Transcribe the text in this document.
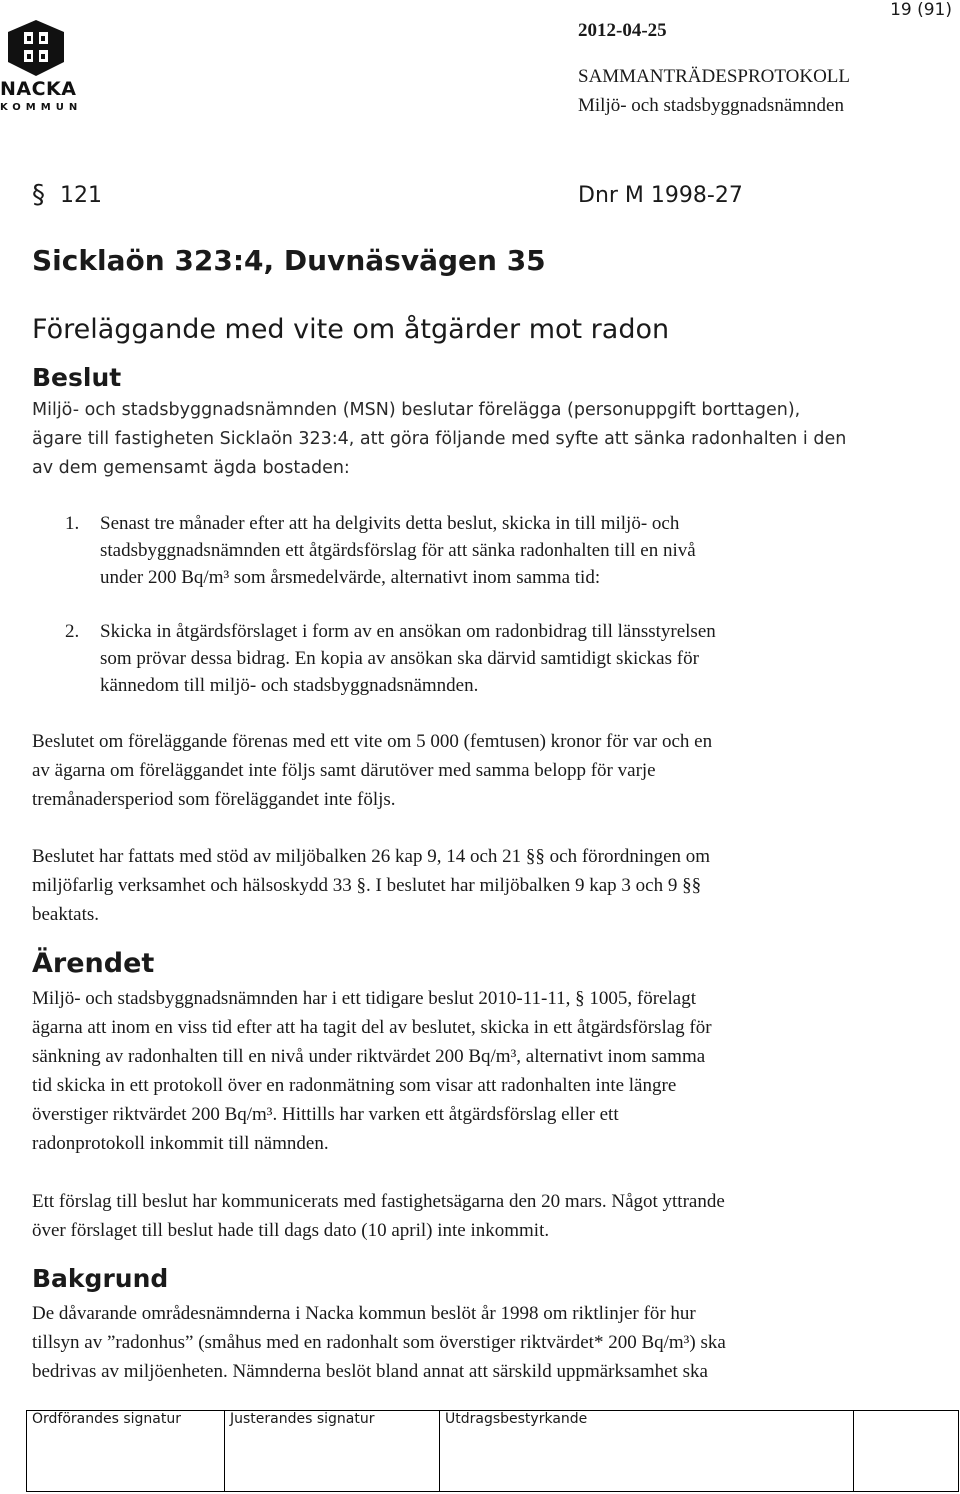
NACKA
KOMMUN
19 (91)
2012-04-25
SAMMANTRÄDESPROTOKOLL
Miljö- och stadsbyggnadsnämnden
§ 121	Dnr M 1998-27
Sicklaön 323:4, Duvnäsvägen 35
Föreläggande med vite om åtgärder mot radon
Beslut
Miljö- och stadsbyggnadsnämnden (MSN) beslutar förelägga (personuppgift borttagen),
ägare till fastigheten Sicklaön 323:4, att göra följande med syfte att sänka radonhalten i den
av dem gemensamt ägda bostaden:
1. Senast tre månader efter att ha delgivits detta beslut, skicka in till miljö- och
stadsbyggnadsnämnden ett åtgärdsförslag för att sänka radonhalten till en nivå
under 200 Bq/m³ som årsmedelvärde, alternativt inom samma tid:
2. Skicka in åtgärdsförslaget i form av en ansökan om radonbidrag till länsstyrelsen
som prövar dessa bidrag. En kopia av ansökan ska därvid samtidigt skickas för
kännedom till miljö- och stadsbyggnadsnämnden.
Beslutet om föreläggande förenas med ett vite om 5 000 (femtusen) kronor för var och en
av ägarna om föreläggandet inte följs samt därutöver med samma belopp för varje
tremånadersperiod som föreläggandet inte följs.
Beslutet har fattats med stöd av miljöbalken 26 kap 9, 14 och 21 §§ och förordningen om
miljöfarlig verksamhet och hälsoskydd 33 §. I beslutet har miljöbalken 9 kap 3 och 9 §§
beaktats.
Ärendet
Miljö- och stadsbyggnadsnämnden har i ett tidigare beslut 2010-11-11, § 1005, förelagt
ägarna att inom en viss tid efter att ha tagit del av beslutet, skicka in ett åtgärdsförslag för
sänkning av radonhalten till en nivå under riktvärdet 200 Bq/m³, alternativt inom samma
tid skicka in ett protokoll över en radonmätning som visar att radonhalten inte längre
överstiger riktvärdet 200 Bq/m³. Hittills har varken ett åtgärdsförslag eller ett
radonprotokoll inkommit till nämnden.
Ett förslag till beslut har kommunicerats med fastighetsägarna den 20 mars. Något yttrande
över förslaget till beslut hade till dags dato (10 april) inte inkommit.
Bakgrund
De dåvarande områdesnämnderna i Nacka kommun beslöt år 1998 om riktlinjer för hur
tillsyn av ”radonhus” (småhus med en radonhalt som överstiger riktvärdet* 200 Bq/m³) ska
bedrivas av miljöenheten. Nämnderna beslöt bland annat att särskild uppmärksamhet ska
Ordförandes signatur	Justerandes signatur	Utdragsbestyrkande
